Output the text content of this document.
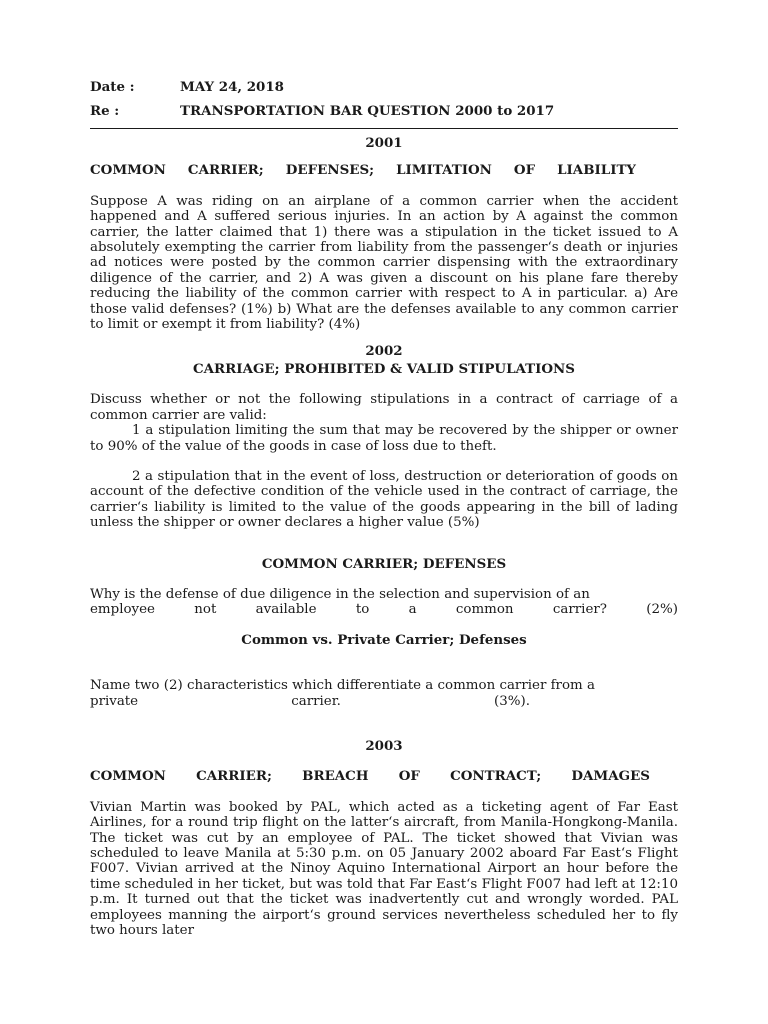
Date :	MAY 24, 2018
Re :	TRANSPORTATION BAR QUESTION 2000 to 2017
2001
COMMON CARRIER; DEFENSES; LIMITATION OF LIABILITY

Suppose A was riding on an airplane of a common carrier when the accident happened and A suffered serious injuries. In an action by A against the common carrier, the latter claimed that 1) there was a stipulation in the ticket issued to A absolutely exempting the carrier from liability from the passenger‘s death or injuries ad notices were posted by the common carrier dispensing with the extraordinary diligence of the carrier, and 2) A was given a discount on his plane fare thereby reducing the liability of the common carrier with respect to A in particular. a) Are those valid defenses? (1%) b) What are the defenses available to any common carrier to limit or exempt it from liability? (4%)

2002
CARRIAGE; PROHIBITED & VALID STIPULATIONS

Discuss whether or not the following stipulations in a contract of carriage of a common carrier are valid:

1 a stipulation limiting the sum that may be recovered by the shipper or owner to 90% of the value of the goods in case of loss due to theft.

2 a stipulation that in the event of loss, destruction or deterioration of goods on account of the defective condition of the vehicle used in the contract of carriage, the carrier‘s liability is limited to the value of the goods appearing in the bill of lading unless the shipper or owner declares a higher value (5%)

COMMON CARRIER; DEFENSES

Why is the defense of due diligence in the selection and supervision of an

employee	not	available	to	a	common	carrier?	(2%)
Common vs. Private Carrier; Defenses

Name two (2) characteristics which differentiate a common carrier from a

private	carrier.	(3%).
2003
COMMON CARRIER; BREACH OF CONTRACT; DAMAGES

Vivian Martin was booked by PAL, which acted as a ticketing agent of Far East Airlines, for a round trip flight on the latter‘s aircraft, from Manila-Hongkong-Manila. The ticket was cut by an employee of PAL. The ticket showed that Vivian was scheduled to leave Manila at 5:30 p.m. on 05 January 2002 aboard Far East‘s Flight F007. Vivian arrived at the Ninoy Aquino International Airport an hour before the time scheduled in her ticket, but was told that Far East‘s Flight F007 had left at 12:10 p.m. It turned out that the ticket was inadvertently cut and wrongly worded. PAL employees manning the airport‘s ground services nevertheless scheduled her to fly two hours later
